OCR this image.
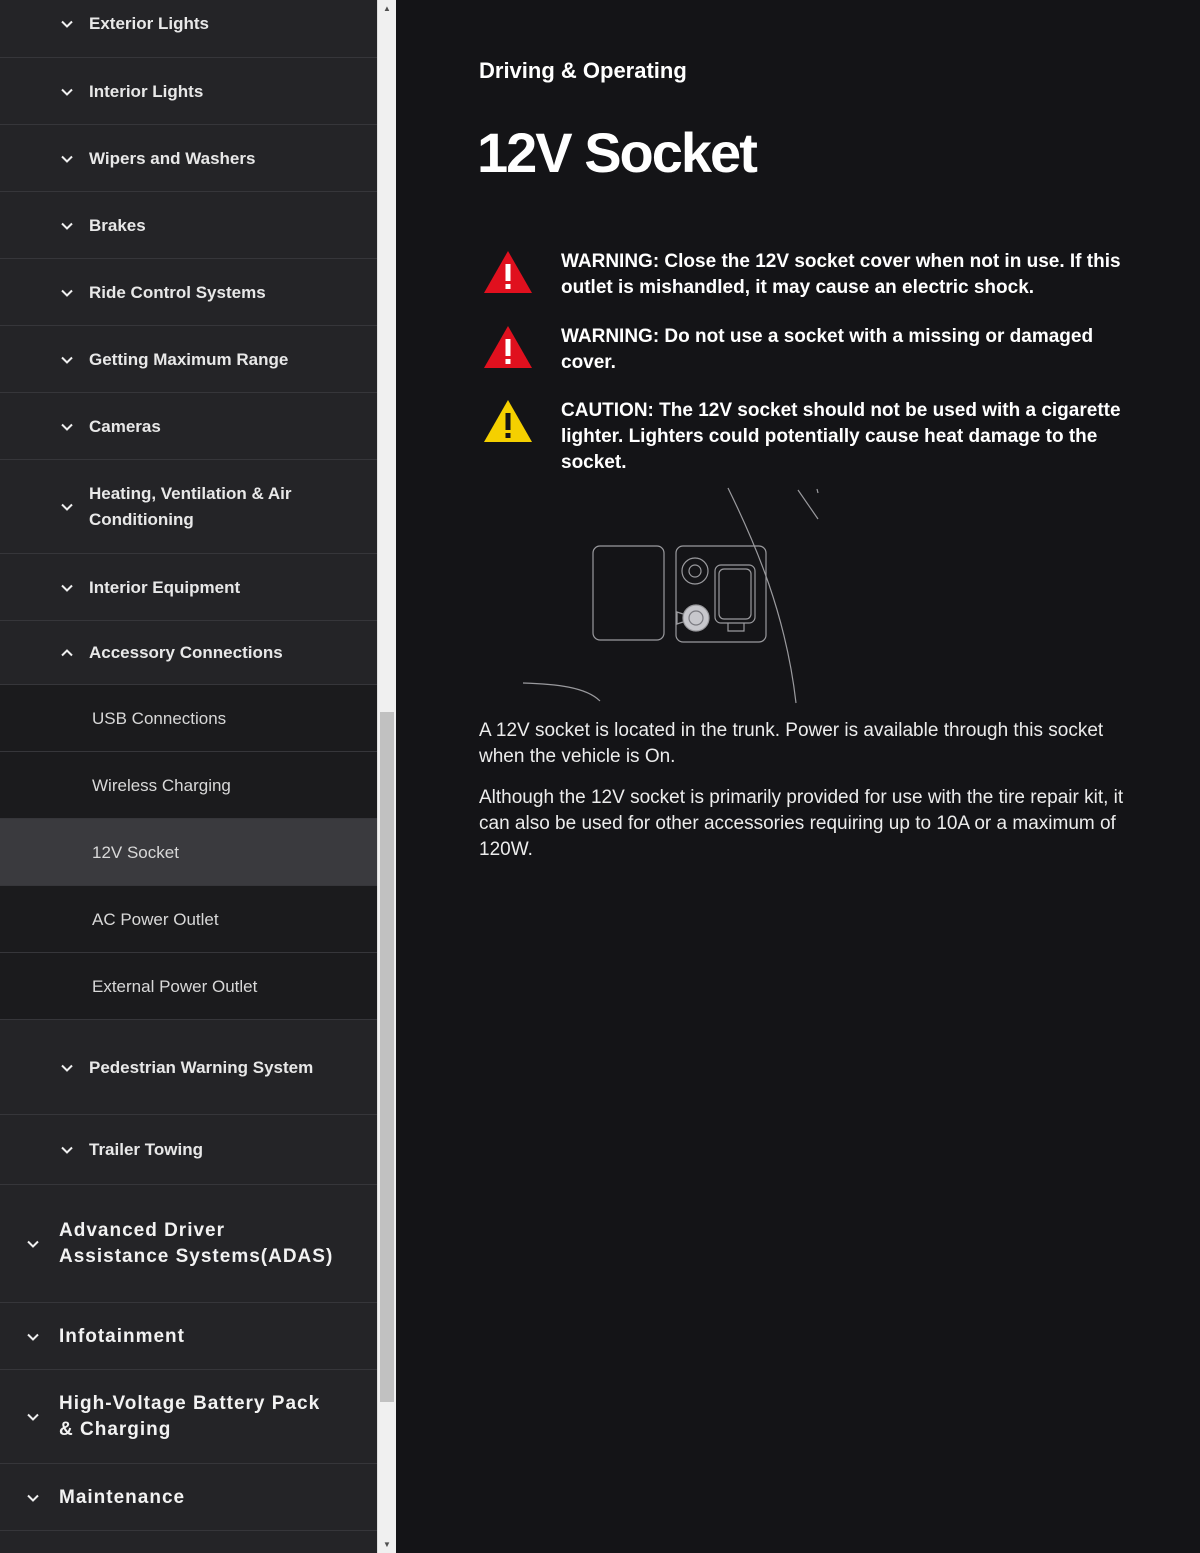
Exterior Lights
Interior Lights
Wipers and Washers
Brakes
Ride Control Systems
Getting Maximum Range
Cameras
Heating, Ventilation & Air Conditioning
Interior Equipment
Accessory Connections
USB Connections
Wireless Charging
12V Socket
AC Power Outlet
External Power Outlet
Pedestrian Warning System
Trailer Towing
Advanced Driver Assistance Systems(ADAS)
Infotainment
High-Voltage Battery Pack & Charging
Maintenance
▲
▼
Driving & Operating
12V Socket
WARNING: Close the 12V socket cover when not in use. If this outlet is mishandled, it may cause an electric shock.
WARNING: Do not use a socket with a missing or damaged cover.
CAUTION: The 12V socket should not be used with a cigarette lighter. Lighters could potentially cause heat damage to the socket.

A 12V socket is located in the trunk. Power is available through this socket when the vehicle is On.

Although the 12V socket is primarily provided for use with the tire repair kit, it can also be used for other accessories requiring up to 10A or a maximum of 120W.
